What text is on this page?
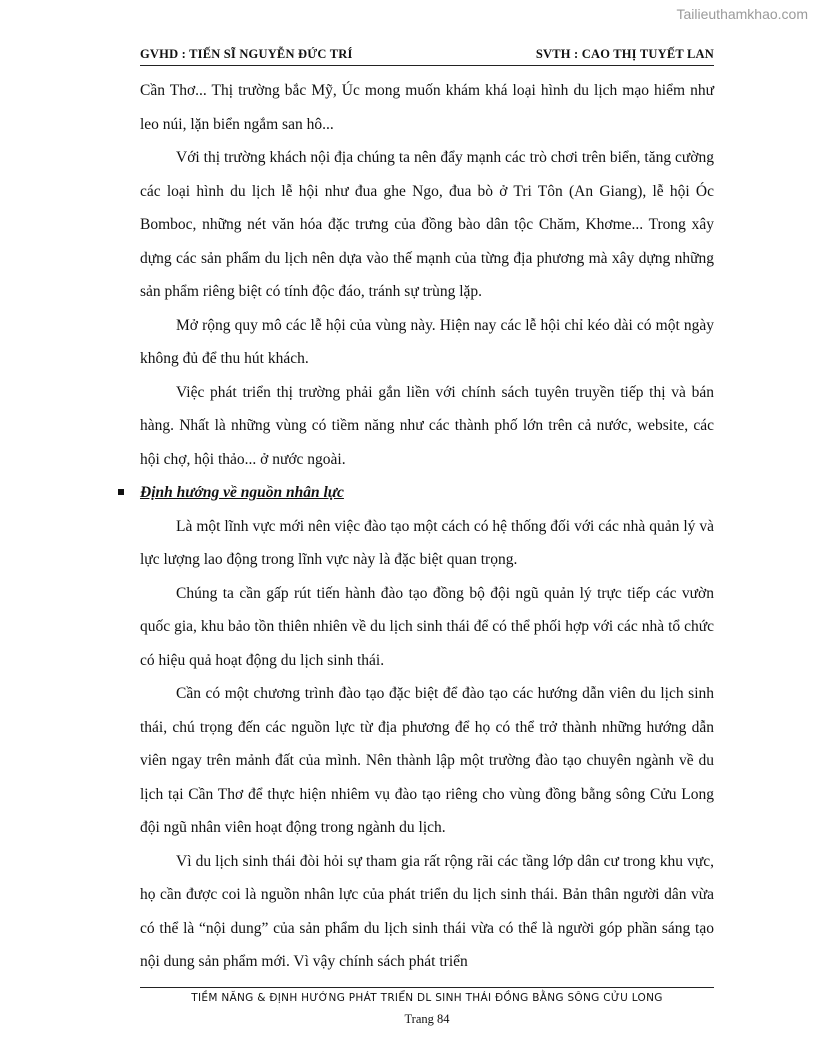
Tailieuthamkhao.com
GVHD : TIẾN SĨ NGUYỄN ĐỨC TRÍ	SVTH : CAO THỊ TUYẾT LAN

Cần Thơ... Thị trường bắc Mỹ, Úc mong muốn khám khá loại hình du lịch mạo hiểm như leo núi, lặn biển ngắm san hô...

Với thị trường khách nội địa chúng ta nên đẩy mạnh các trò chơi trên biển, tăng cường các loại hình du lịch lễ hội như đua ghe Ngo, đua bò ở Tri Tôn (An Giang), lễ hội Óc Bomboc, những nét văn hóa đặc trưng của đồng bào dân tộc Chăm, Khơme... Trong xây dựng các sản phẩm du lịch nên dựa vào thế mạnh của từng địa phương mà xây dựng những sản phẩm riêng biệt có tính độc đáo, tránh sự trùng lặp.

Mở rộng quy mô các lễ hội của vùng này. Hiện nay các lễ hội chỉ kéo dài có một ngày không đủ để thu hút khách.

Việc phát triển thị trường phải gắn liền với chính sách tuyên truyền tiếp thị và bán hàng. Nhất là những vùng có tiềm năng như các thành phố lớn trên cả nước, website, các hội chợ, hội thảo... ở nước ngoài.

Định hướng về nguồn nhân lực

Là một lĩnh vực mới nên việc đào tạo một cách có hệ thống đối với các nhà quản lý và lực lượng lao động trong lĩnh vực này là đặc biệt quan trọng.

Chúng ta cần gấp rút tiến hành đào tạo đồng bộ đội ngũ quản lý trực tiếp các vườn quốc gia, khu bảo tồn thiên nhiên về du lịch sinh thái để có thể phối hợp với các nhà tổ chức có hiệu quả hoạt động du lịch sinh thái.

Cần có một chương trình đào tạo đặc biệt để đào tạo các hướng dẫn viên du lịch sinh thái, chú trọng đến các nguồn lực từ địa phương để họ có thể trở thành những hướng dẫn viên ngay trên mảnh đất của mình. Nên thành lập một trường đào tạo chuyên ngành về du lịch tại Cần Thơ để thực hiện nhiêm vụ đào tạo riêng cho vùng đồng bằng sông Cửu Long đội ngũ nhân viên hoạt động trong ngành du lịch.

Vì du lịch sinh thái đòi hỏi sự tham gia rất rộng rãi các tầng lớp dân cư trong khu vực, họ cần được coi là nguồn nhân lực của phát triển du lịch sinh thái. Bản thân người dân vừa có thể là “nội dung” của sản phẩm du lịch sinh thái vừa có thể là người góp phần sáng tạo nội dung sản phẩm mới. Vì vậy chính sách phát triển

TIỀM NĂNG & ĐỊNH HƯỚNG PHÁT TRIỂN DL SINH THÁI ĐỒNG BẰNG SÔNG CỬU LONG
Trang 84
